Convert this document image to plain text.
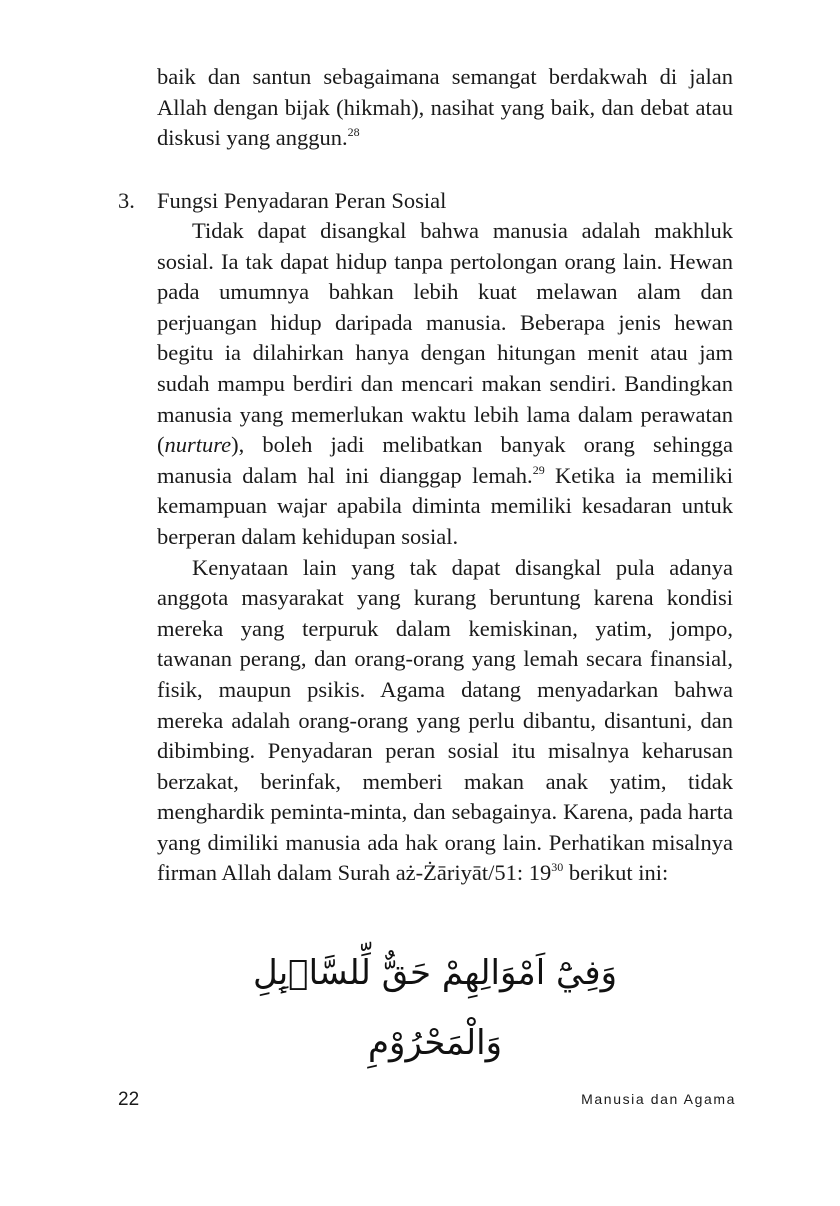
baik dan santun sebagaimana semangat berdakwah di jalan Allah dengan bijak (hikmah), nasihat yang baik, dan debat atau diskusi yang anggun.$^{28}$

3. Fungsi Penyadaran Peran Sosial

Tidak dapat disangkal bahwa manusia adalah makhluk sosial. Ia tak dapat hidup tanpa pertolongan orang lain. Hewan pada umumnya bahkan lebih kuat melawan alam dan perjuangan hidup daripada manusia. Beberapa jenis hewan begitu ia dilahirkan hanya dengan hitungan menit atau jam sudah mampu berdiri dan mencari makan sendiri. Bandingkan manusia yang memerlukan waktu lebih lama dalam perawatan (nurture), boleh jadi melibatkan banyak orang sehingga manusia dalam hal ini dianggap lemah.$^{29}$ Ketika ia memiliki kemampuan wajar apabila diminta memiliki kesadaran untuk berperan dalam kehidupan sosial.

Kenyataan lain yang tak dapat disangkal pula adanya anggota masyarakat yang kurang beruntung karena kondisi mereka yang terpuruk dalam kemiskinan, yatim, jompo, tawanan perang, dan orang-orang yang lemah secara finansial, fisik, maupun psikis. Agama datang menyadarkan bahwa mereka adalah orang-orang yang perlu dibantu, disantuni, dan dibimbing. Penyadaran peran sosial itu misalnya keharusan berzakat, berinfak, memberi makan anak yatim, tidak menghardik peminta-minta, dan sebagainya. Karena, pada harta yang dimiliki manusia ada hak orang lain. Perhatikan misalnya firman Allah dalam Surah aż-Żāriyāt/51: $19^{30}$ berikut ini:

وَفِيْٓ اَمْوَالِهِمْ حَقٌّ لِّلسَّاۤىِٕلِ وَالْمَحْرُوْمِ
22	Manusia dan Agama
